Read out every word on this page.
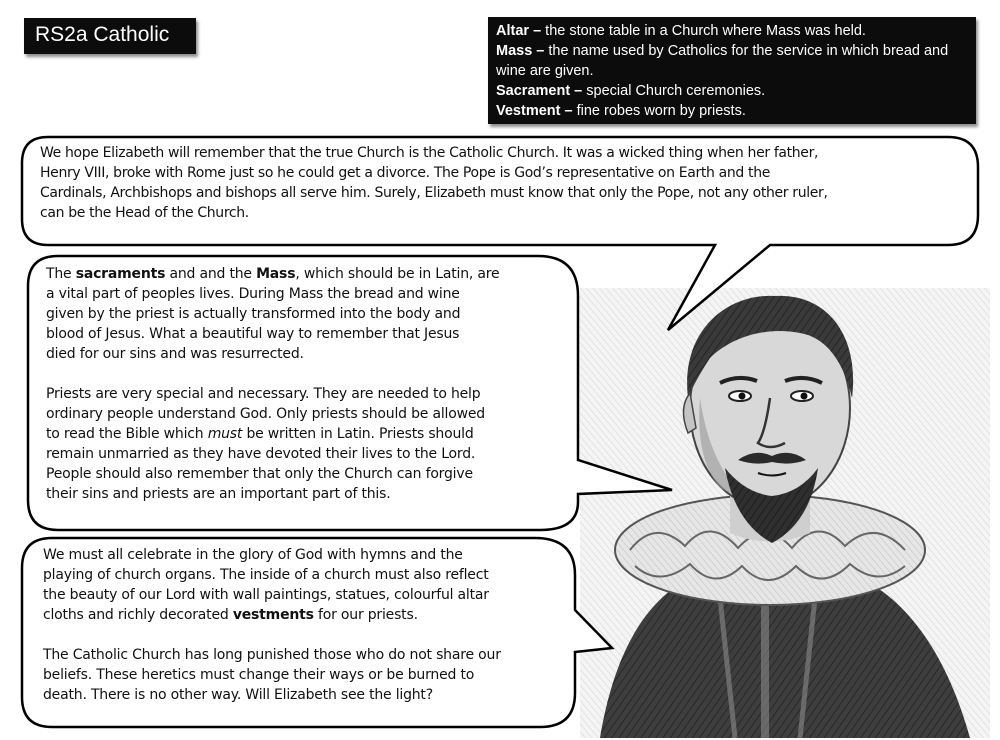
RS2a Catholic	Altar – the stone table in a Church where Mass was held.

Mass – the name used by Catholics for the service in which bread and wine are given.

Sacrament – special Church ceremonies.

Vestment – fine robes worn by priests.

We hope Elizabeth will remember that the true Church is the Catholic Church. It was a wicked thing when her father,

Henry VIII, broke with Rome just so he could get a divorce. The Pope is God’s representative on Earth and the

Cardinals, Archbishops and bishops all serve him. Surely, Elizabeth must know that only the Pope, not any other ruler,

can be the Head of the Church.

The sacraments and and the Mass, which should be in Latin, are

a vital part of peoples lives. During Mass the bread and wine

given by the priest is actually transformed into the body and

blood of Jesus. What a beautiful way to remember that Jesus

died for our sins and was resurrected.

Priests are very special and necessary. They are needed to help

ordinary people understand God. Only priests should be allowed

to read the Bible which must be written in Latin. Priests should

remain unmarried as they have devoted their lives to the Lord.

People should also remember that only the Church can forgive

their sins and priests are an important part of this.

We must all celebrate in the glory of God with hymns and the

playing of church organs. The inside of a church must also reflect

the beauty of our Lord with wall paintings, statues, colourful altar

cloths and richly decorated vestments for our priests.

The Catholic Church has long punished those who do not share our

beliefs. These heretics must change their ways or be burned to

death. There is no other way. Will Elizabeth see the light?
